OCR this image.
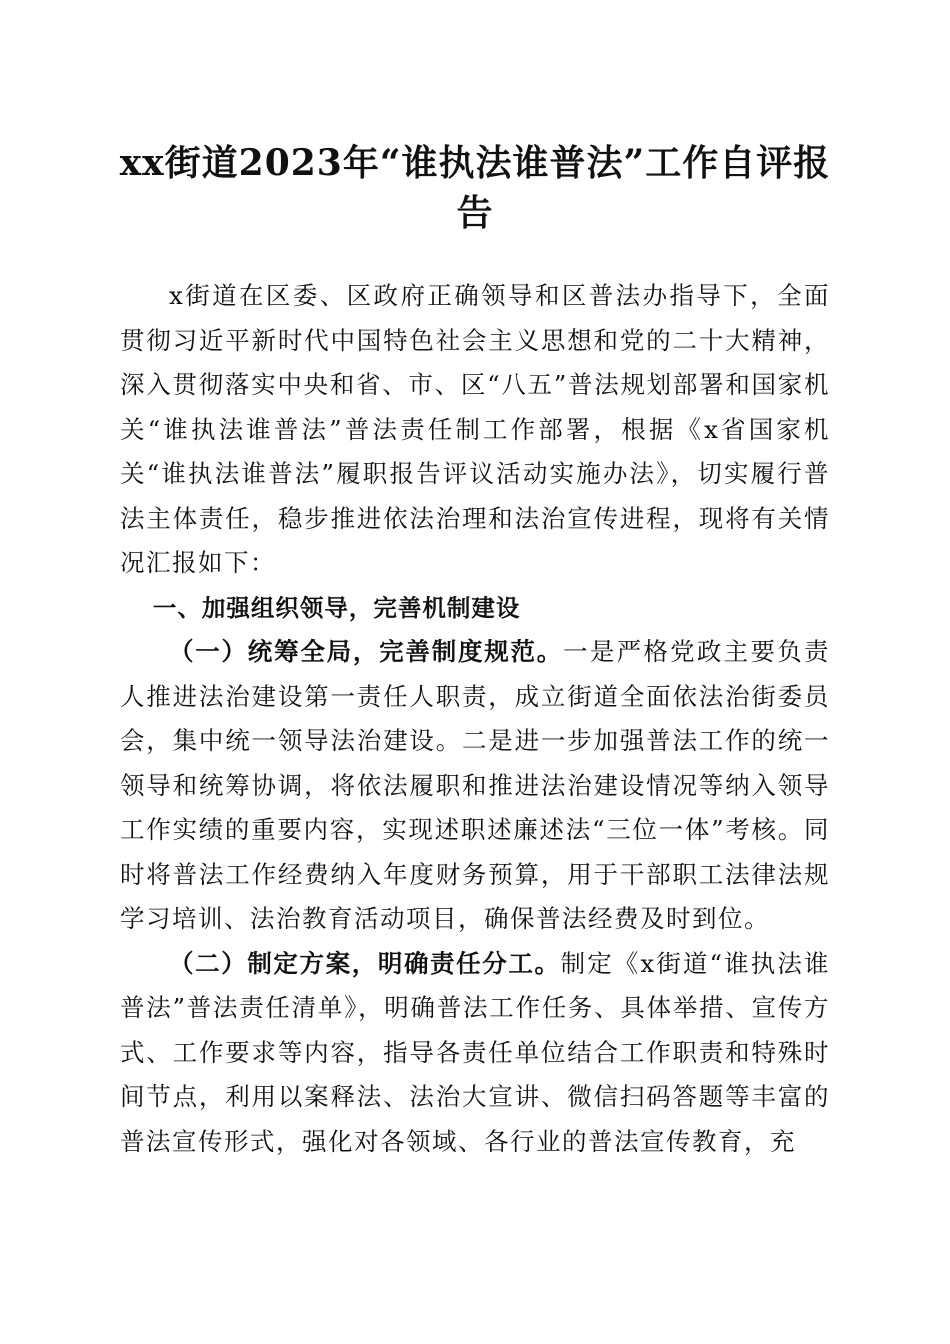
xx街道2023年“谁执法谁普法”工作自评报告

x街道在区委、区政府正确领导和区普法办指导下，全面贯彻习近平新时代中国特色社会主义思想和党的二十大精神，深入贯彻落实中央和省、市、区“八五”普法规划部署和国家机关“谁执法谁普法”普法责任制工作部署，根据《x省国家机关“谁执法谁普法”履职报告评议活动实施办法》，切实履行普法主体责任，稳步推进依法治理和法治宣传进程，现将有关情况汇报如下：

一、加强组织领导，完善机制建设

（一）统筹全局，完善制度规范。一是严格党政主要负责人推进法治建设第一责任人职责，成立街道全面依法治街委员会，集中统一领导法治建设。二是进一步加强普法工作的统一领导和统筹协调，将依法履职和推进法治建设情况等纳入领导工作实绩的重要内容，实现述职述廉述法“三位一体”考核。同时将普法工作经费纳入年度财务预算，用于干部职工法律法规学习培训、法治教育活动项目，确保普法经费及时到位。

（二）制定方案，明确责任分工。制定《x街道“谁执法谁普法”普法责任清单》，明确普法工作任务、具体举措、宣传方式、工作要求等内容，指导各责任单位结合工作职责和特殊时间节点，利用以案释法、法治大宣讲、微信扫码答题等丰富的普法宣传形式，强化对各领域、各行业的普法宣传教育，充
